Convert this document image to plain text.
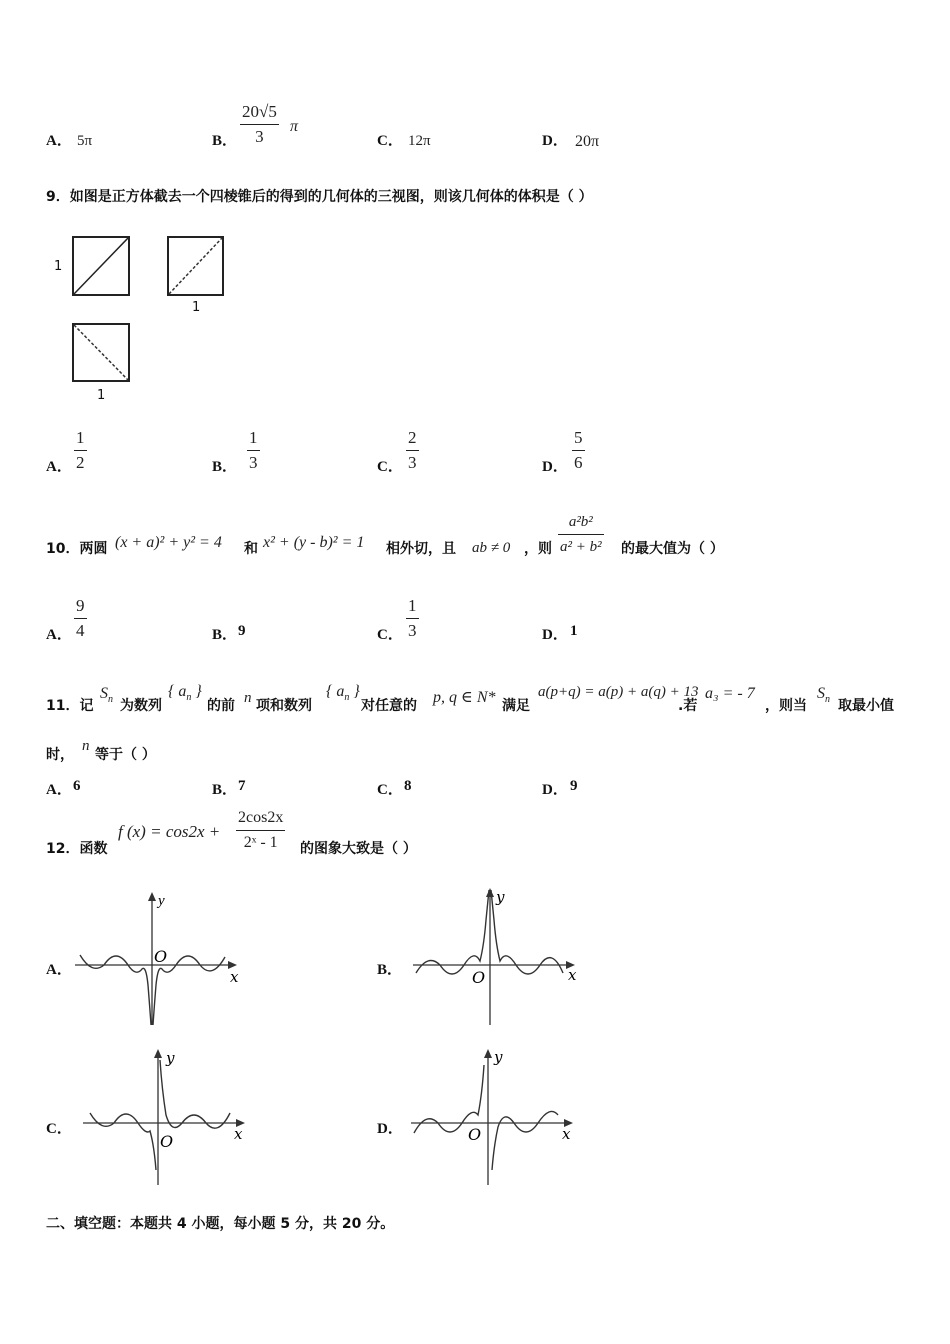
A． 5π	B．
20√5
3
π
C． 12π	D． 20π
9．如图是正方体截去一个四棱锥后的得到的几何体的三视图，则该几何体的体积是（ ）
1
1
1
A．
1
2	B．
1
3	C．
2
3	D．
5
6
10．两圆 (x + a)² + y² = 4 和 x² + (y - b)² = 1 相外切，且 ab ≠ 0 ，则
a²b²
a² + b² 的最大值为（ ）
A．
9
4	B． 9	C．
1
3	D． 1
11．记
$S_n$ 为数列
{ $a_n$ }
的前 n 项和数列
{ $a_n$ }
对任意的 p, q ∈ N* 满足
a(p+q) = a(p) + a(q) + 13
.若
a₃ = - 7
，则当
$S_n$ 取最小值
时，
n
等于（ ）
A． 6	B． 7	C． 8	D． 9
12．函数
f (x) = cos2x +
2cos2x
2ˣ - 1 的图象大致是（ ）
A．	B．
C．	D．
y
x
O
y
x
O
y
x
O
y
x
O
二、填空题：本题共 4 小题，每小题 5 分，共 20 分。
